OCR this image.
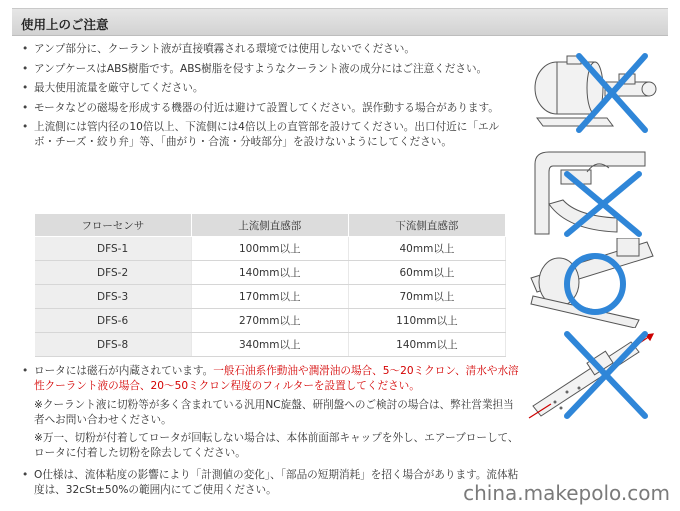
使用上のご注意
• アンプ部分に、クーラント液が直接噴霧される環境では使用しないでください。
• アンプケースはABS樹脂です。ABS樹脂を侵すようなクーラント液の成分にはご注意ください。
• 最大使用流量を厳守してください。
• モータなどの磁場を形成する機器の付近は避けて設置してください。誤作動する場合があります。
• 上流側には管内径の10倍以上、下流側には4倍以上の直管部を設けてください。出口付近に「エルボ・チーズ・絞り弁」等、「曲がり・合流・分岐部分」を設けないようにしてください。
フローセンサ	上流側直感部	下流側直感部
DFS-1	100mm以上	40mm以上
DFS-2	140mm以上	60mm以上
DFS-3	170mm以上	70mm以上
DFS-6	270mm以上	110mm以上
DFS-8	340mm以上	140mm以上
• ロータには磁石が内蔵されています。一般石油系作動油や潤滑油の場合、5〜20ミクロン、清水や水溶性クーラント液の場合、20〜50ミクロン程度のフィルターを設置してください。
※クーラント液に切粉等が多く含まれている汎用NC旋盤、研削盤へのご検討の場合は、弊社営業担当者へお問い合わせください。
※万一、切粉が付着してロータが回転しない場合は、本体前面部キャップを外し、エアーブローして、ロータに付着した切粉を除去してください。
• O仕様は、流体粘度の影響により「計測値の変化」、「部品の短期消耗」を招く場合があります。流体粘度は、32cSt±50%の範囲内にてご使用ください。	china.makepolo.com
